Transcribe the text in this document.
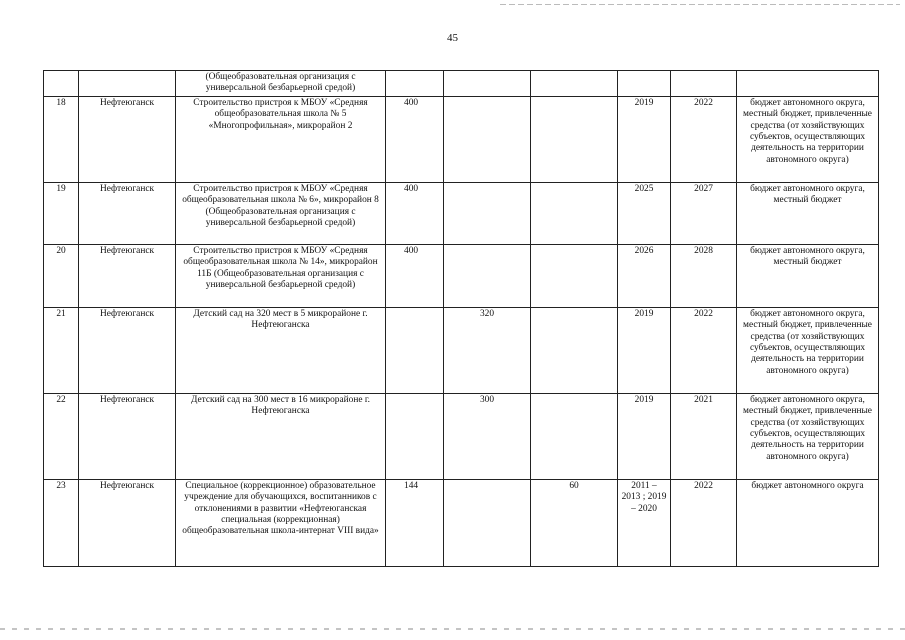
45
		(Общеобразовательная организация с универсальной безбарьерной средой)						
18	Нефтеюганск	Строительство пристроя к МБОУ «Средняя общеобразовательная школа № 5 «Многопрофильная», микрорайон 2	400			2019	2022	бюджет автономного округа, местный бюджет, привлеченные средства (от хозяйствующих субъектов, осуществляющих деятельность на территории автономного округа)
19	Нефтеюганск	Строительство пристроя к МБОУ «Средняя общеобразовательная школа № 6», микрорайон 8 (Общеобразовательная организация с универсальной безбарьерной средой)	400			2025	2027	бюджет автономного округа, местный бюджет
20	Нефтеюганск	Строительство пристроя к МБОУ «Средняя общеобразовательная школа № 14», микрорайон 11Б (Общеобразовательная организация с универсальной безбарьерной средой)	400			2026	2028	бюджет автономного округа, местный бюджет
21	Нефтеюганск	Детский сад на 320 мест в 5 микрорайоне г. Нефтеюганска		320		2019	2022	бюджет автономного округа, местный бюджет, привлеченные средства (от хозяйствующих субъектов, осуществляющих деятельность на территории автономного округа)
22	Нефтеюганск	Детский сад на 300 мест в 16 микрорайоне г. Нефтеюганска		300		2019	2021	бюджет автономного округа, местный бюджет, привлеченные средства (от хозяйствующих субъектов, осуществляющих деятельность на территории автономного округа)
23	Нефтеюганск	Специальное (коррекционное) образовательное учреждение для обучающихся, воспитанников с отклонениями в развитии «Нефтеюганская специальная (коррекционная) общеобразовательная школа-интернат VIII вида»	144		60	2011 – 2013 ; 2019 – 2020	2022	бюджет автономного округа
